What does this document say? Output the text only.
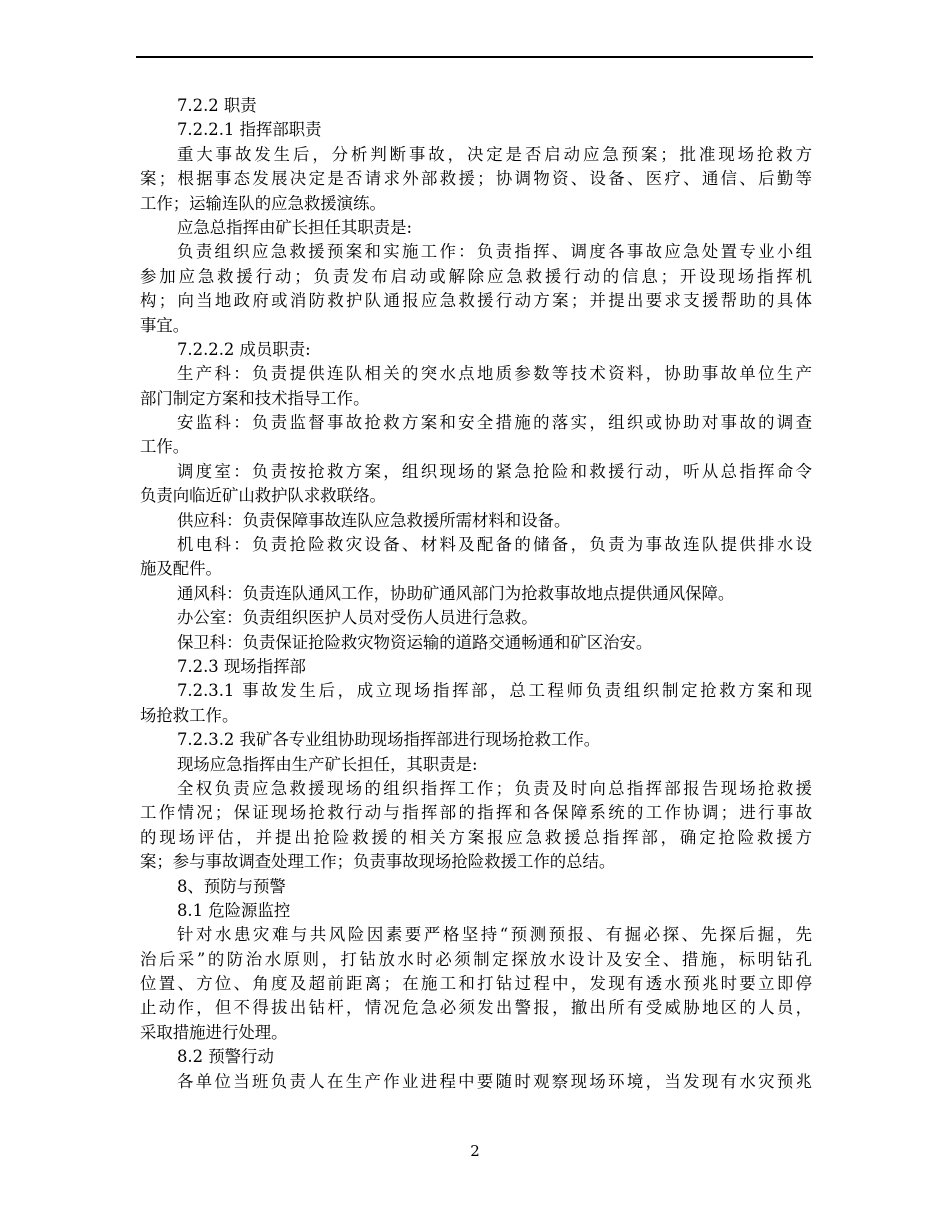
7.2.2 职责
7.2.2.1 指挥部职责
重大事故发生后，分析判断事故，决定是否启动应急预案；批准现场抢救方
案；根据事态发展决定是否请求外部救援；协调物资、设备、医疗、通信、后勤等
工作；运输连队的应急救援演练。
应急总指挥由矿长担任其职责是:
负责组织应急救援预案和实施工作：负责指挥、调度各事故应急处置专业小组
参加应急救援行动；负责发布启动或解除应急救援行动的信息；开设现场指挥机
构；向当地政府或消防救护队通报应急救援行动方案；并提出要求支援帮助的具体
事宜。
7.2.2.2 成员职责:
生产科：负责提供连队相关的突水点地质参数等技术资料，协助事故单位生产
部门制定方案和技术指导工作。
安监科：负责监督事故抢救方案和安全措施的落实，组织或协助对事故的调查
工作。
调度室：负责按抢救方案，组织现场的紧急抢险和救援行动，听从总指挥命令
负责向临近矿山救护队求救联络。
供应科：负责保障事故连队应急救援所需材料和设备。
机电科：负责抢险救灾设备、材料及配备的储备，负责为事故连队提供排水设
施及配件。
通风科：负责连队通风工作，协助矿通风部门为抢救事故地点提供通风保障。
办公室：负责组织医护人员对受伤人员进行急救。
保卫科：负责保证抢险救灾物资运输的道路交通畅通和矿区治安。
7.2.3 现场指挥部
7.2.3.1 事故发生后，成立现场指挥部，总工程师负责组织制定抢救方案和现
场抢救工作。
7.2.3.2 我矿各专业组协助现场指挥部进行现场抢救工作。
现场应急指挥由生产矿长担任，其职责是:
全权负责应急救援现场的组织指挥工作；负责及时向总指挥部报告现场抢救援
工作情况；保证现场抢救行动与指挥部的指挥和各保障系统的工作协调；进行事故
的现场评估，并提出抢险救援的相关方案报应急救援总指挥部，确定抢险救援方
案；参与事故调查处理工作；负责事故现场抢险救援工作的总结。
8、预防与预警
8.1 危险源监控
针对水患灾难与共风险因素要严格坚持“预测预报、有掘必探、先探后掘，先
治后采”的防治水原则，打钻放水时必须制定探放水设计及安全、措施，标明钻孔
位置、方位、角度及超前距离；在施工和打钻过程中，发现有透水预兆时要立即停
止动作，但不得拔出钻杆，情况危急必须发出警报，撤出所有受威胁地区的人员，
采取措施进行处理。
8.2 预警行动
各单位当班负责人在生产作业进程中要随时观察现场环境，当发现有水灾预兆
2
